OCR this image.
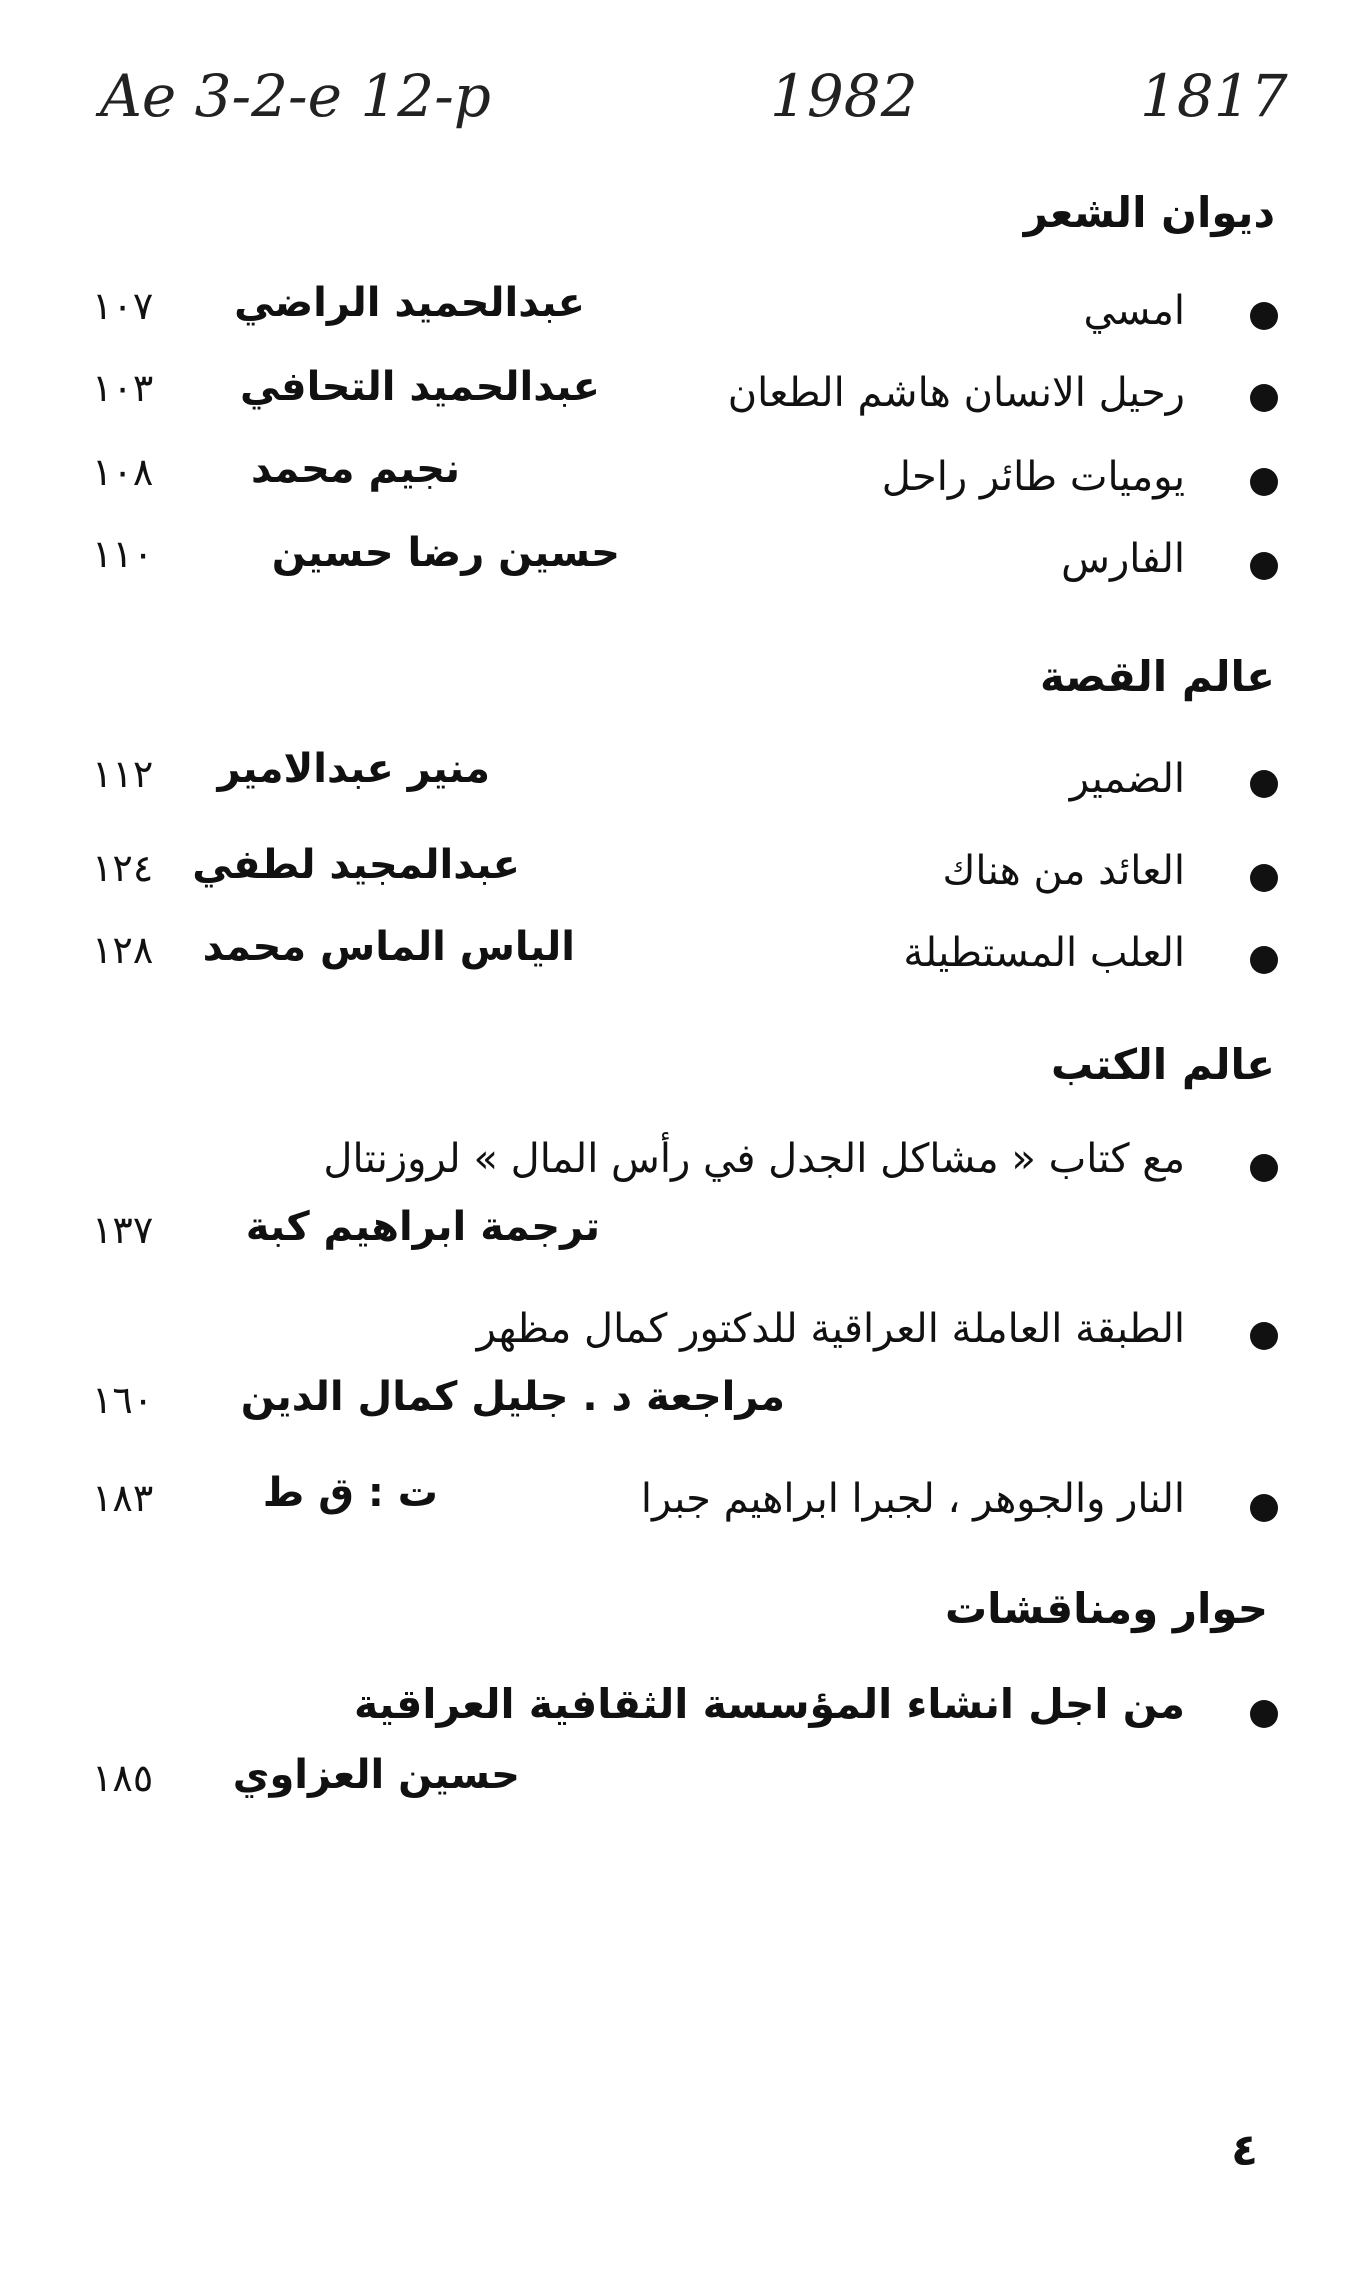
Ae 3-2-e 12-p	1982	1817
ديوان الشعر
امسي
عبدالحميد الراضي
١٠٧
رحيل الانسان هاشم الطعان
عبدالحميد التحافي
١٠٣
يوميات طائر راحل
نجيم محمد
١٠٨
الفارس
حسين رضا حسين
١١٠
عالم القصة
الضمير
منير عبدالامير
١١٢
العائد من هناك
عبدالمجيد لطفي
١٢٤
العلب المستطيلة
الياس الماس محمد
١٢٨
عالم الكتب
مع كتاب « مشاكل الجدل في رأس المال » لروزنتال
ترجمة ابراهيم كبة
١٣٧
الطبقة العاملة العراقية للدكتور كمال مظهر
مراجعة د . جليل كمال الدين
١٦٠
النار والجوهر ، لجبرا ابراهيم جبرا
ت : ق ط
١٨٣
حوار ومناقشات
من اجل انشاء المؤسسة الثقافية العراقية
حسين العزاوي
١٨٥
٤
